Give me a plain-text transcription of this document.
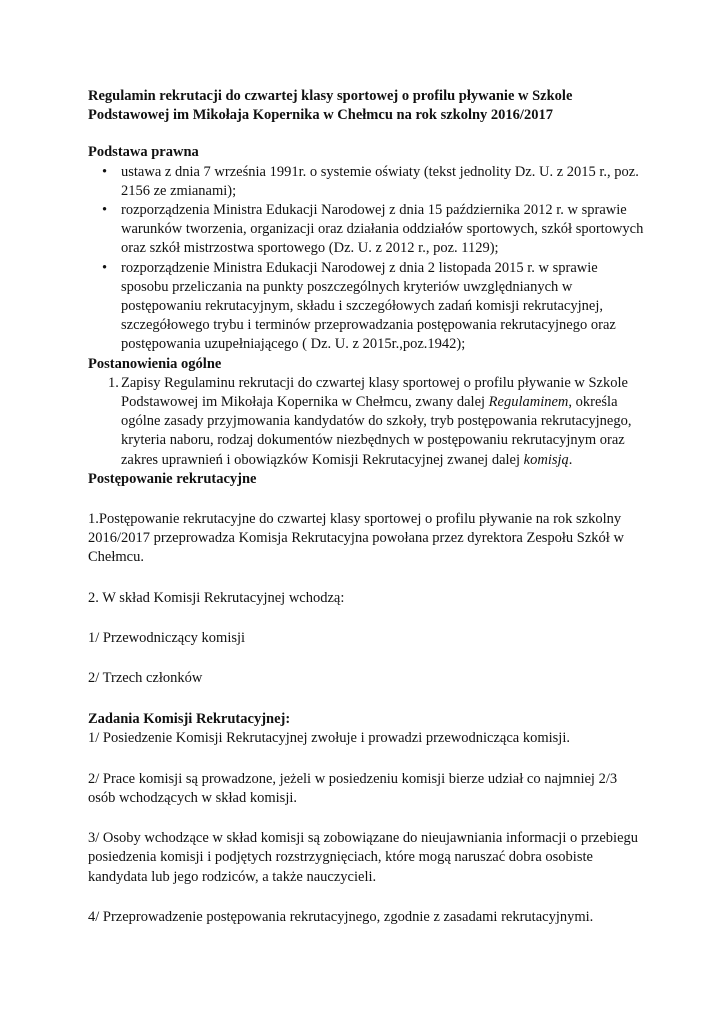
Regulamin rekrutacji do czwartej klasy sportowej o profilu pływanie w Szkole Podstawowej im Mikołaja Kopernika w Chełmcu na rok szkolny 2016/2017

Podstawa prawna

• ustawa z dnia 7 września 1991r. o systemie oświaty (tekst jednolity Dz. U. z 2015 r., poz. 2156 ze zmianami);
• rozporządzenia Ministra Edukacji Narodowej z dnia 15 października 2012 r. w sprawie warunków tworzenia, organizacji oraz działania oddziałów sportowych, szkół sportowych oraz szkół mistrzostwa sportowego (Dz. U. z 2012 r., poz. 1129);
• rozporządzenie Ministra Edukacji Narodowej z dnia 2 listopada 2015 r. w sprawie sposobu przeliczania na punkty poszczególnych kryteriów uwzględnianych w postępowaniu rekrutacyjnym, składu i szczegółowych zadań komisji rekrutacyjnej, szczegółowego trybu i terminów przeprowadzania postępowania rekrutacyjnego oraz postępowania uzupełniającego ( Dz. U. z 2015r.,poz.1942);

Postanowienia ogólne

1. Zapisy Regulaminu rekrutacji do czwartej klasy sportowej o profilu pływanie w Szkole Podstawowej im Mikołaja Kopernika w Chełmcu, zwany dalej Regulaminem, określa ogólne zasady przyjmowania kandydatów do szkoły, tryb postępowania rekrutacyjnego, kryteria naboru, rodzaj dokumentów niezbędnych w postępowaniu rekrutacyjnym oraz zakres uprawnień i obowiązków Komisji Rekrutacyjnej zwanej dalej komisją.

Postępowanie rekrutacyjne

1.Postępowanie rekrutacyjne do czwartej klasy sportowej o profilu pływanie na rok szkolny 2016/2017 przeprowadza Komisja Rekrutacyjna powołana przez dyrektora Zespołu Szkół w Chełmcu.

2. W skład Komisji Rekrutacyjnej wchodzą:

1/ Przewodniczący komisji

2/ Trzech członków

Zadania Komisji Rekrutacyjnej:

1/ Posiedzenie Komisji Rekrutacyjnej zwołuje i prowadzi przewodnicząca komisji.

2/ Prace komisji są prowadzone, jeżeli w posiedzeniu komisji bierze udział co najmniej 2/3 osób wchodzących w skład komisji.

3/ Osoby wchodzące w skład komisji są zobowiązane do nieujawniania informacji o przebiegu posiedzenia komisji i podjętych rozstrzygnięciach, które mogą naruszać dobra osobiste kandydata lub jego rodziców, a także nauczycieli.

4/ Przeprowadzenie postępowania rekrutacyjnego, zgodnie z zasadami rekrutacyjnymi.
